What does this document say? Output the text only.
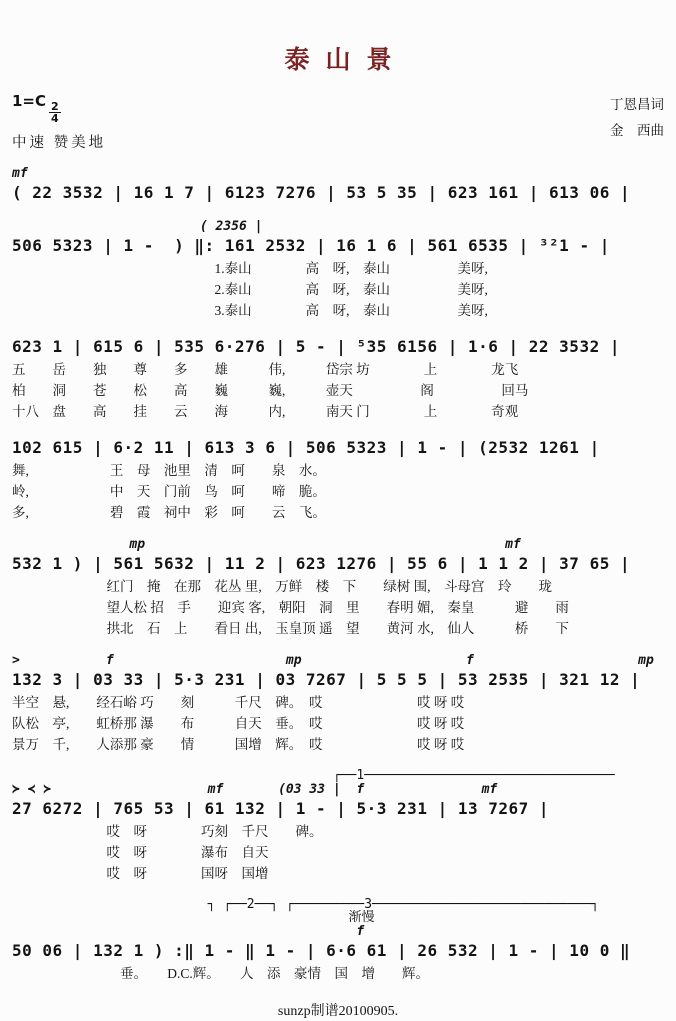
泰山景
$1=C \frac{2}{4}$
中速 赞美地
丁恩昌词
金　西曲
mf
( 22 3532 | 16 1 7 | 6123 7276 | 53 5 35 | 623 161 | 613 06 |
( 2356 |
506 5323 | 1 -  ) ‖: 161 2532 | 16 1 6 | 561 6535 | ³²1 - |
　　　　　　　　　　　　　　　1.泰山　　　　高　呀,　泰山　　　　　美呀,
　　　　　　　　　　　　　　　2.泰山　　　　高　呀,　泰山　　　　　美呀,
　　　　　　　　　　　　　　　3.泰山　　　　高　呀,　泰山　　　　　美呀,
623 1 | 615 6 | 535 6·276 | 5 - | ⁵35 6156 | 1·6 | 22 3532 |
五　　岳　　独　　尊　　多　　雄　　　伟,　　　岱宗 坊　　　　上　　　　龙飞
柏　　洞　　苍　　松　　高　　巍　　　巍,　　　壶天　　　　　阁　　　　　回马
十八　盘　　高　　挂　　云　　海　　　内,　　　南天 门　　　　上　　　　奇观
102 615 | 6·2 11 | 613 3 6 | 506 5323 | 1 - | (2532 1261 |
舞,　　　　　　王　母　池里　清　呵　　泉　水。
岭,　　　　　　中　天　门前　鸟　呵　　啼　脆。
多,　　　　　　碧　霞　祠中　彩　呵　　云　飞。
mp                                              mf
532 1 ) | 561 5632 | 11 2 | 623 1276 | 55 6 | 1 1 2 | 37 65 |
　　　　　　　红门　掩　在那　花丛 里,　万鲜　楼　下　　绿树 围,　斗母宫　玲　　珑
　　　　　　　望人松 招　手　　迎宾 客,　朝阳　洞　里　　春明 媚,　秦皇　　　避　　雨
　　　　　　　拱北　石　上　　看日 出,　玉皇顶 遥　望　　黄河 水,　仙人　　　桥　　下
>           f                      mp                     f                     mp
132 3 | 03 33 | 5·3 231 | 03 7267 | 5 5 5 | 53 2535 | 321 12 |
半空　悬,　　经石峪 巧　　刻　　　千尺　碑。　哎　　　　　　　哎 呀 哎
队松　亭,　　虹桥那 瀑　　布　　　自天　垂。　哎　　　　　　　哎 呀 哎
景万　千,　　人添那 豪　　情　　　国增　辉。　哎　　　　　　　哎 呀 哎
┌──1────────────────────────────────
≻ ≺ ≻                    mf       (03 33 |  f               mf
27 6272 | 765 53 | 61 132 | 1 - | 5·3 231 | 13 7267 |
　　　　　　　哎　呀　　　　巧刻　千尺　　碑。
　　　　　　　哎　呀　　　　瀑布　自天
　　　　　　　哎　呀　　　　国呀　国增
┐ ┌──2──┐ ┌─────────3────────────────────────────┐
渐慢
f
50 06 | 132 1 ) :‖ 1 - ‖ 1 - | 6·6 61 | 26 532 | 1 - | 10 0 ‖
　　　　　　　　垂。　　D.C.辉。　　人　添　豪情　国　增　　辉。
sunzp制谱20100905.
